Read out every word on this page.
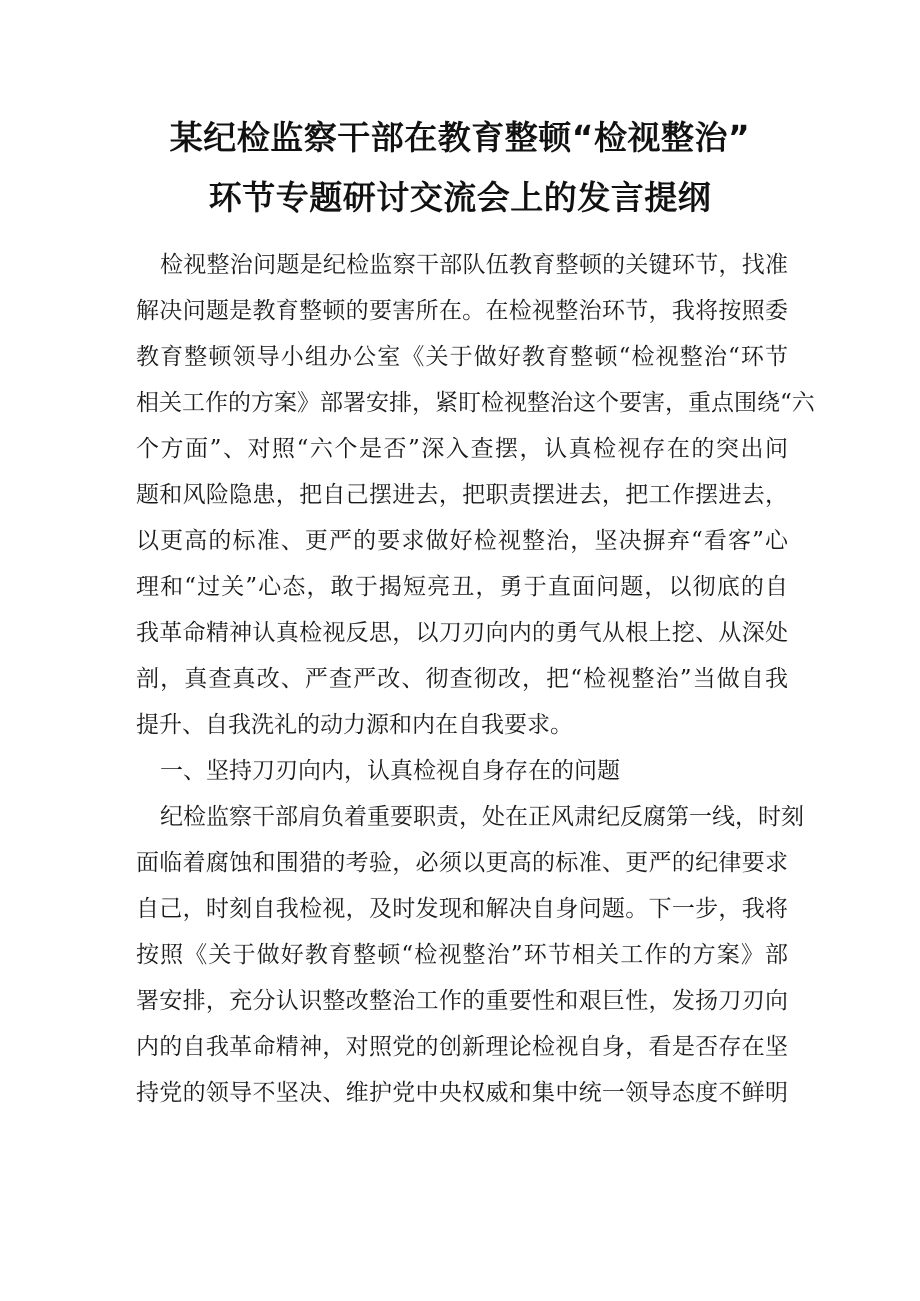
某纪检监察干部在教育整顿“检视整治”
环节专题研讨交流会上的发言提纲
检视整治问题是纪检监察干部队伍教育整顿的关键环节，找准
解决问题是教育整顿的要害所在。在检视整治环节，我将按照委
教育整顿领导小组办公室《关于做好教育整顿“检视整治“环节
相关工作的方案》部署安排，紧盯检视整治这个要害，重点围绕“六
个方面”、对照“六个是否”深入查摆，认真检视存在的突出问
题和风险隐患，把自己摆进去，把职责摆进去，把工作摆进去，
以更高的标准、更严的要求做好检视整治，坚决摒弃“看客”心
理和“过关”心态，敢于揭短亮丑，勇于直面问题，以彻底的自
我革命精神认真检视反思，以刀刃向内的勇气从根上挖、从深处
剖，真查真改、严查严改、彻查彻改，把“检视整治”当做自我
提升、自我洗礼的动力源和内在自我要求。
一、坚持刀刃向内，认真检视自身存在的问题
纪检监察干部肩负着重要职责，处在正风肃纪反腐第一线，时刻
面临着腐蚀和围猎的考验，必须以更高的标准、更严的纪律要求
自己，时刻自我检视，及时发现和解决自身问题。下一步，我将
按照《关于做好教育整顿“检视整治”环节相关工作的方案》部
署安排，充分认识整改整治工作的重要性和艰巨性，发扬刀刃向
内的自我革命精神，对照党的创新理论检视自身，看是否存在坚
持党的领导不坚决、维护党中央权威和集中统一领导态度不鲜明
